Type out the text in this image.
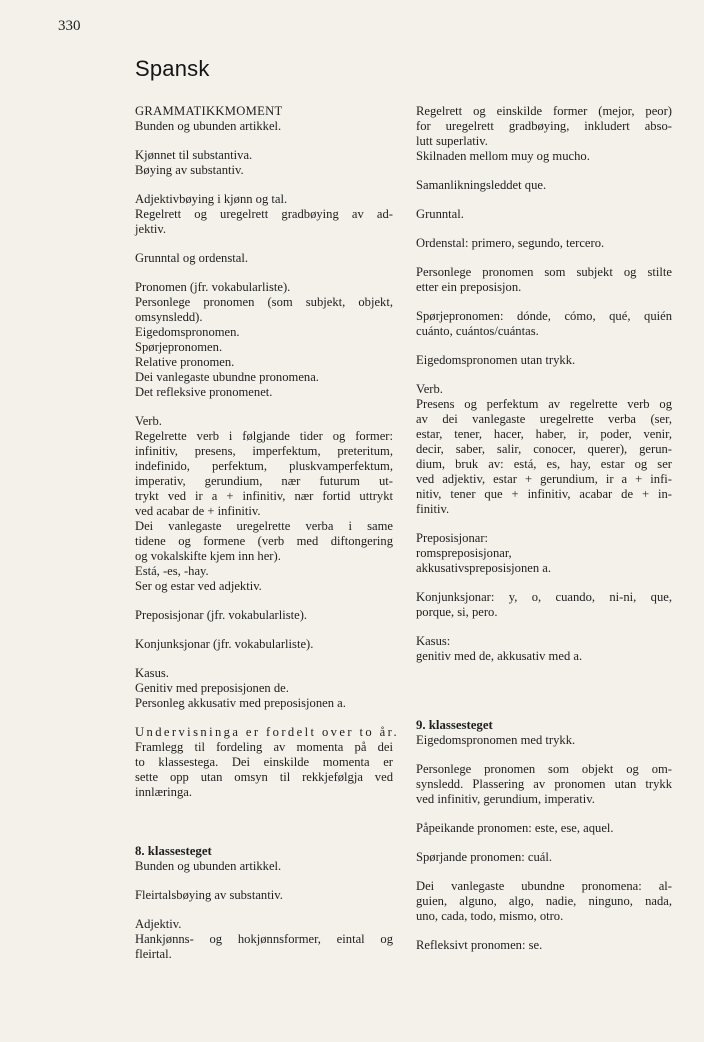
330
Spansk
GRAMMATIKKMOMENT
Bunden og ubunden artikkel.
Kjønnet til substantiva.
Bøying av substantiv.
Adjektivbøying i kjønn og tal.
Regelrett og uregelrett gradbøying av ad-
jektiv.
Grunntal og ordenstal.
Pronomen (jfr. vokabularliste).
Personlege pronomen (som subjekt, objekt,
omsynsledd).
Eigedomspronomen.
Spørjepronomen.
Relative pronomen.
Dei vanlegaste ubundne pronomena.
Det refleksive pronomenet.
Verb.
Regelrette verb i følgjande tider og former:
infinitiv, presens, imperfektum, preteritum,
indefinido, perfektum, pluskvamperfektum,
imperativ, gerundium, nær futurum ut-
trykt ved ir a + infinitiv, nær fortid uttrykt
ved acabar de + infinitiv.
Dei vanlegaste uregelrette verba i same
tidene og formene (verb med diftongering
og vokalskifte kjem inn her).
Está, -es, -hay.
Ser og estar ved adjektiv.
Preposisjonar (jfr. vokabularliste).
Konjunksjonar (jfr. vokabularliste).
Kasus.
Genitiv med preposisjonen de.
Personleg akkusativ med preposisjonen a.
Undervisninga er fordelt over to år.
Framlegg til fordeling av momenta på dei
to klassestega. Dei einskilde momenta er
sette opp utan omsyn til rekkjefølgja ved
innlæringa.
8. klassesteget
Bunden og ubunden artikkel.
Fleirtalsbøying av substantiv.
Adjektiv.
Hankjønns- og hokjønnsformer, eintal og
fleirtal.
Regelrett og einskilde former (mejor, peor)
for uregelrett gradbøying, inkludert abso-
lutt superlativ.
Skilnaden mellom muy og mucho.
Samanlikningsleddet que.
Grunntal.
Ordenstal: primero, segundo, tercero.
Personlege pronomen som subjekt og stilte
etter ein preposisjon.
Spørjepronomen: dónde, cómo, qué, quién
cuánto, cuántos/cuántas.
Eigedomspronomen utan trykk.
Verb.
Presens og perfektum av regelrette verb og
av dei vanlegaste uregelrette verba (ser,
estar, tener, hacer, haber, ir, poder, venir,
decir, saber, salir, conocer, querer), gerun-
dium, bruk av: está, es, hay, estar og ser
ved adjektiv, estar + gerundium, ir a + infi-
nitiv, tener que + infinitiv, acabar de + in-
finitiv.
Preposisjonar:
romspreposisjonar,
akkusativspreposisjonen a.
Konjunksjonar: y, o, cuando, ni-ni, que,
porque, si, pero.
Kasus:
genitiv med de, akkusativ med a.
9. klassesteget
Eigedomspronomen med trykk.
Personlege pronomen som objekt og om-
synsledd. Plassering av pronomen utan trykk
ved infinitiv, gerundium, imperativ.
Påpeikande pronomen: este, ese, aquel.
Spørjande pronomen: cuál.
Dei vanlegaste ubundne pronomena: al-
guien, alguno, algo, nadie, ninguno, nada,
uno, cada, todo, mismo, otro.
Refleksivt pronomen: se.
